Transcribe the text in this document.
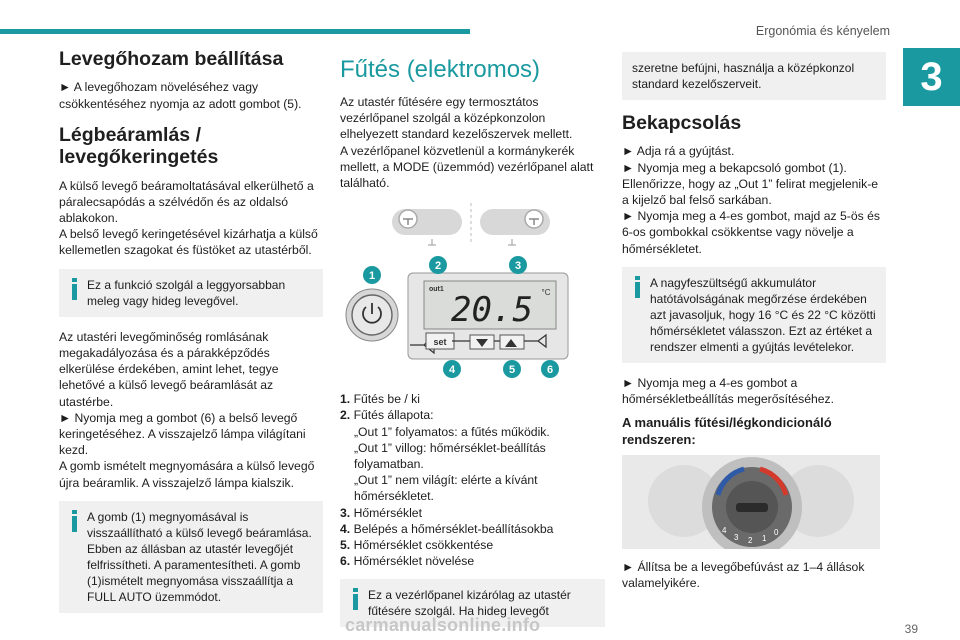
Ergonómia és kényelem
3
Levegőhozam beállítása
► A levegőhozam növeléséhez vagy csökkentéséhez nyomja az adott gombot (5).
Légbeáramlás / levegőkeringetés
A külső levegő beáramoltatásával elkerülhető a páralecsapódás a szélvédőn és az oldalsó ablakokon.
A belső levegő keringetésével kizárhatja a külső kellemetlen szagokat és füstöket az utastérből.
Ez a funkció szolgál a leggyorsabban meleg vagy hideg levegővel.
Az utastéri levegőminőség romlásának megakadályozása és a párakképződés elkerülése érdekében, amint lehet, tegye lehetővé a külső levegő beáramlását az utastérbe.
► Nyomja meg a gombot (6) a belső levegő keringetéséhez. A visszajelző lámpa világítani kezd.
A gomb ismételt megnyomására a külső levegő újra beáramlik. A visszajelző lámpa kialszik.
A gomb (1) megnyomásával is visszaállítható a külső levegő beáramlása. Ebben az állásban az utastér levegőjét felfrissítheti. A paramentesítheti. A gomb (1)ismételt megnyomása visszaállítja a FULL AUTO üzemmódot.
Fűtés (elektromos)
Az utastér fűtésére egy termosztátos vezérlőpanel szolgál a középkonzolon elhelyezett standard kezelőszervek mellett.
A vezérlőpanel közvetlenül a kormánykerék mellett, a MODE (üzemmód) vezérlőpanel alatt található.
1
2	3
4	5	6
out1
20.5 °C
set
1. Fűtés be / ki
2. Fűtés állapota:
„Out 1” folyamatos: a fűtés működik.
„Out 1” villog: hőmérséklet-beállítás folyamatban.
„Out 1” nem világít: elérte a kívánt hőmérsékletet.
3. Hőmérséklet
4. Belépés a hőmérséklet-beállításokba
5. Hőmérséklet csökkentése
6. Hőmérséklet növelése
Ez a vezérlőpanel kizárólag az utastér fűtésére szolgál. Ha hideg levegőt
szeretne befújni, használja a középkonzol standard kezelőszerveit.
Bekapcsolás
► Adja rá a gyújtást.
► Nyomja meg a bekapcsoló gombot (1).
Ellenőrizze, hogy az „Out 1” felirat megjelenik-e a kijelző bal felső sarkában.
► Nyomja meg a 4-es gombot, majd az 5-ös és 6-os gombokkal csökkentse vagy növelje a hőmérsékletet.
A nagyfeszültségű akkumulátor hatótávolságának megőrzése érdekében azt javasoljuk, hogy 16 °C és 22 °C közötti hőmérsékletet válasszon. Ezt az értéket a rendszer elmenti a gyújtás levételekor.
► Nyomja meg a 4-es gombot a hőmérsékletbeállítás megerősítéséhez.
A manuális fűtési/légkondicionáló rendszeren:
4
3 2 1
0
► Állítsa be a levegőbefúvást az 1–4 állások valamelyikére.
carmanualsonline.info	39
